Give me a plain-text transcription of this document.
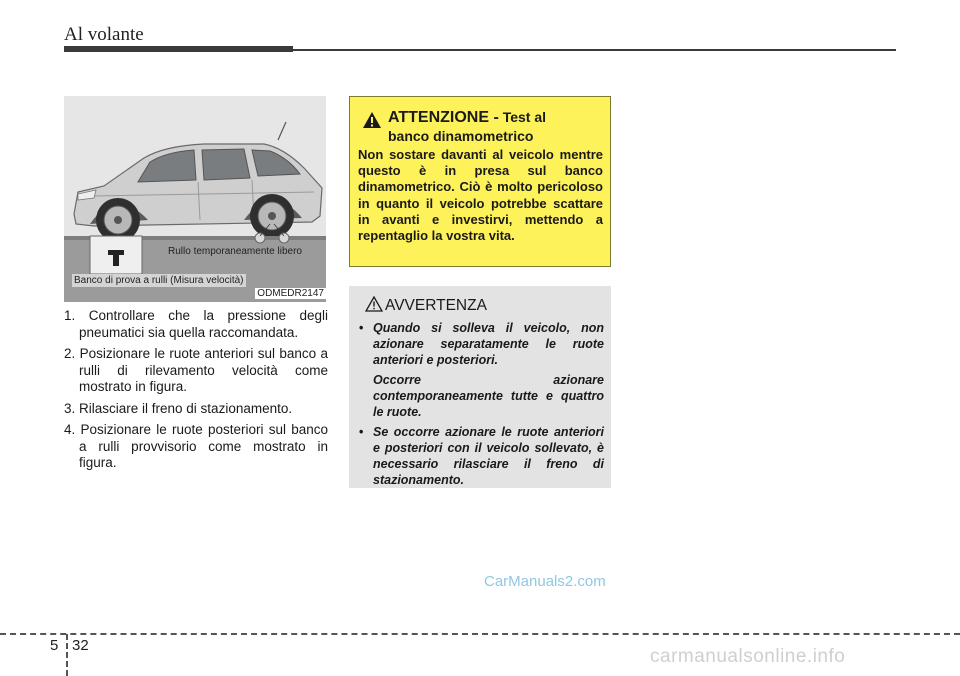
Al volante
Rullo temporaneamente libero
Banco di prova a rulli (Misura velocità)
ODMEDR2147
1. Controllare che la pressione degli pneumatici sia quella raccomandata.
2. Posizionare le ruote anteriori sul banco a rulli di rilevamento velocità come mostrato in figura.
3. Rilasciare il freno di stazionamento.
4. Posizionare le ruote posteriori sul banco a rulli provvisorio come mostrato in figura.
ATTENZIONE - Test al
banco dinamometrico
Non sostare davanti al veicolo mentre questo è in presa sul banco dinamometrico. Ciò è molto pericoloso in quanto il veicolo potrebbe scattare in avanti e investirvi, mettendo a repentaglio la vostra vita.
AVVERTENZA
• Quando si solleva il veicolo, non azionare separatamente le ruote anteriori e posteriori.
Occorre azionare contemporaneamente tutte e quattro le ruote.
• Se occorre azionare le ruote anteriori e posteriori con il veicolo sollevato, è necessario rilasciare il freno di stazionamento.
CarManuals2.com
5 32
carmanualsonline.info
